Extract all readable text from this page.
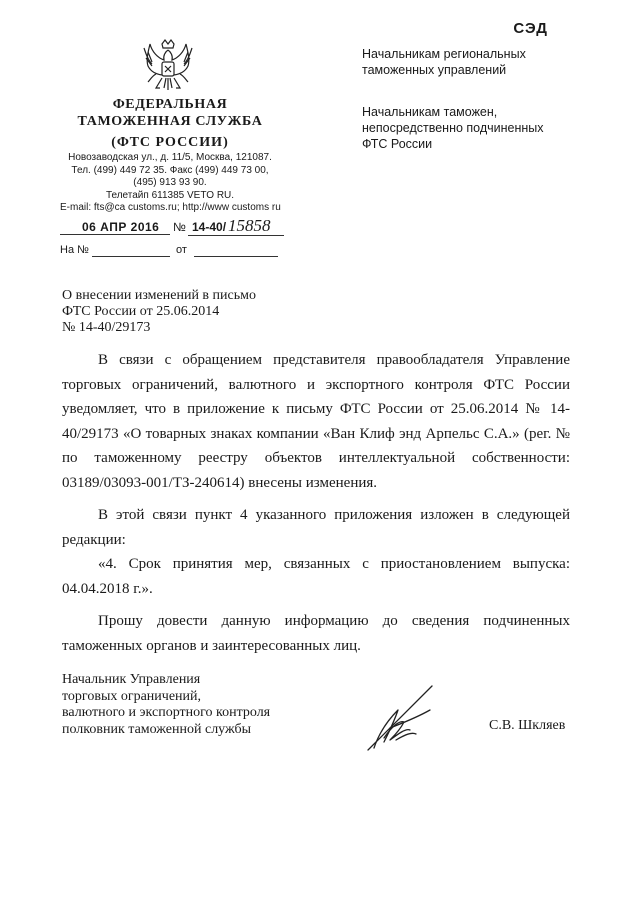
СЭД
ФЕДЕРАЛЬНАЯ
ТАМОЖЕННАЯ СЛУЖБА
(ФТС РОССИИ)
Новозаводская ул., д. 11/5, Москва, 121087.
Тел. (499) 449 72 35. Факс (499) 449 73 00,
(495) 913 93 90.
Телетайп 611385 VETO RU.
E-mail: fts@ca customs.ru; http://www customs ru
06 АПР 2016 № 14-40/ 15858
На №	от
Начальникам региональных
таможенных управлений
Начальникам таможен,
непосредственно подчиненных
ФТС России
О внесении изменений в письмо
ФТС России от 25.06.2014
№ 14-40/29173

В связи с обращением представителя правообладателя Управление торговых ограничений, валютного и экспортного контроля ФТС России уведомляет, что в приложение к письму ФТС России от 25.06.2014 № 14-40/29173 «О товарных знаках компании «Ван Клиф энд Арпельс С.А.» (рег. № по таможенному реестру объектов интеллектуальной собственности: 03189/03093-001/ТЗ-240614) внесены изменения.

В этой связи пункт 4 указанного приложения изложен в следующей редакции:

«4. Срок принятия мер, связанных с приостановлением выпуска: 04.04.2018 г.».

Прошу довести данную информацию до сведения подчиненных таможенных органов и заинтересованных лиц.

Начальник Управления
торговых ограничений,
валютного и экспортного контроля
полковник таможенной службы	С.В. Шкляев
